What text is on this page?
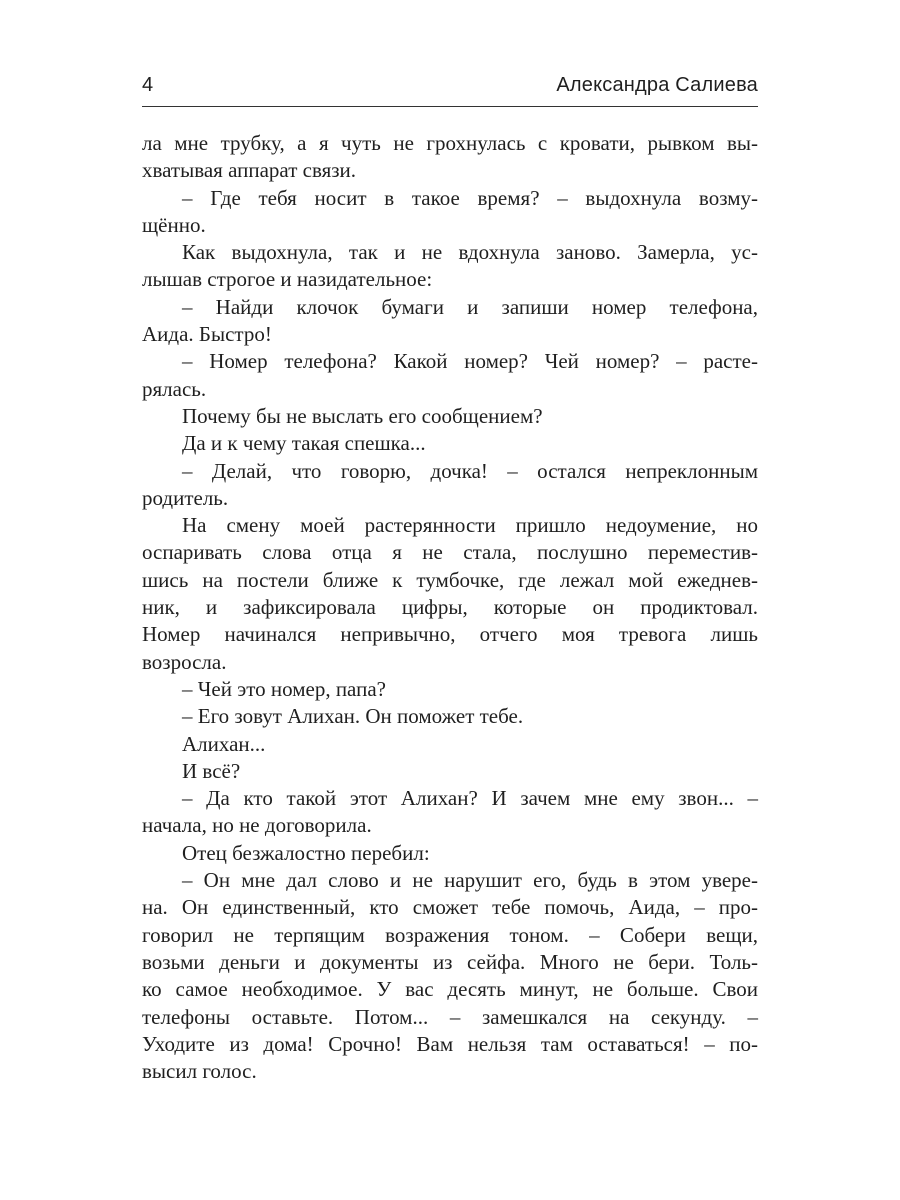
4	Александра Салиева
ла мне трубку, а я чуть не грохнулась с кровати, рывком вы-
хватывая аппарат связи.
– Где тебя носит в такое время? – выдохнула возму-
щённо.
Как выдохнула, так и не вдохнула заново. Замерла, ус-
лышав строгое и назидательное:
– Найди клочок бумаги и запиши номер телефона,
Аида. Быстро!
– Номер телефона? Какой номер? Чей номер? – расте-
рялась.
Почему бы не выслать его сообщением?
Да и к чему такая спешка...
– Делай, что говорю, дочка! – остался непреклонным
родитель.
На смену моей растерянности пришло недоумение, но
оспаривать слова отца я не стала, послушно переместив-
шись на постели ближе к тумбочке, где лежал мой ежеднев-
ник, и зафиксировала цифры, которые он продиктовал.
Номер начинался непривычно, отчего моя тревога лишь
возросла.
– Чей это номер, папа?
– Его зовут Алихан. Он поможет тебе.
Алихан...
И всё?
– Да кто такой этот Алихан? И зачем мне ему звон... –
начала, но не договорила.
Отец безжалостно перебил:
– Он мне дал слово и не нарушит его, будь в этом увере-
на. Он единственный, кто сможет тебе помочь, Аида, – про-
говорил не терпящим возражения тоном. – Собери вещи,
возьми деньги и документы из сейфа. Много не бери. Толь-
ко самое необходимое. У вас десять минут, не больше. Свои
телефоны оставьте. Потом... – замешкался на секунду. –
Уходите из дома! Срочно! Вам нельзя там оставаться! – по-
высил голос.
